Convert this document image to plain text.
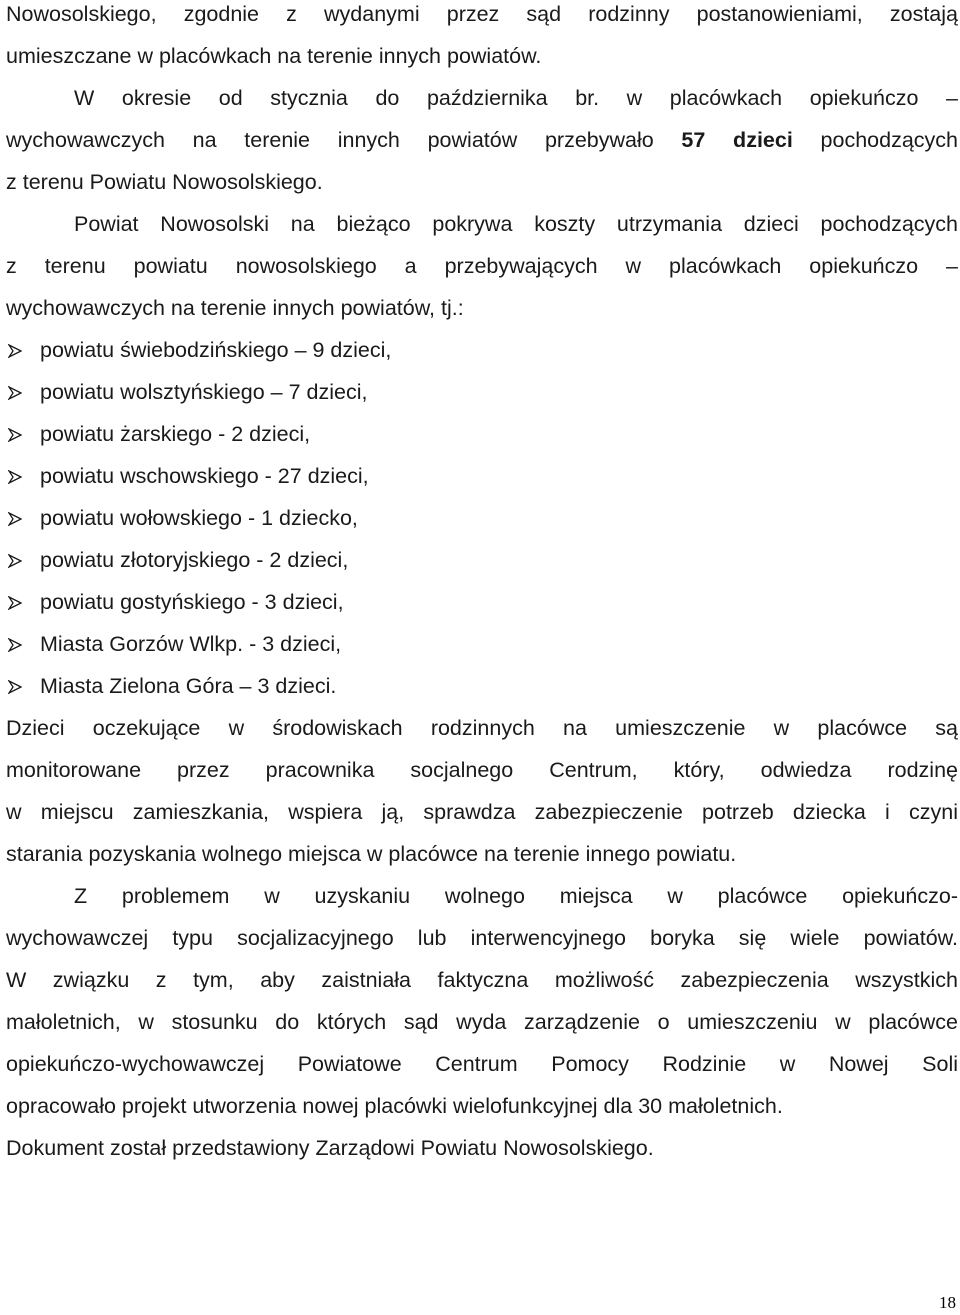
Nowosolskiego, zgodnie z wydanymi przez sąd rodzinny postanowieniami, zostają
umieszczane w placówkach na terenie innych powiatów.
W okresie od stycznia do października br. w placówkach opiekuńczo –
wychowawczych na terenie innych powiatów przebywało 57 dzieci pochodzących
z terenu Powiatu Nowosolskiego.
Powiat Nowosolski na bieżąco pokrywa koszty utrzymania dzieci pochodzących
z terenu powiatu nowosolskiego a przebywających w placówkach opiekuńczo –
wychowawczych na terenie innych powiatów, tj.:
powiatu świebodzińskiego – 9 dzieci,
powiatu wolsztyńskiego – 7 dzieci,
powiatu żarskiego - 2 dzieci,
powiatu wschowskiego - 27 dzieci,
powiatu wołowskiego - 1 dziecko,
powiatu złotoryjskiego - 2 dzieci,
powiatu gostyńskiego - 3 dzieci,
Miasta Gorzów Wlkp. - 3 dzieci,
Miasta Zielona Góra – 3 dzieci.
Dzieci oczekujące w środowiskach rodzinnych na umieszczenie w placówce są
monitorowane przez pracownika socjalnego Centrum, który, odwiedza rodzinę
w miejscu zamieszkania, wspiera ją, sprawdza zabezpieczenie potrzeb dziecka i czyni
starania pozyskania wolnego miejsca w placówce na terenie innego powiatu.
Z problemem w uzyskaniu wolnego miejsca w placówce opiekuńczo-
wychowawczej typu socjalizacyjnego lub interwencyjnego boryka się wiele powiatów.
W związku z tym, aby zaistniała faktyczna możliwość zabezpieczenia wszystkich
małoletnich, w stosunku do których sąd wyda zarządzenie o umieszczeniu w placówce
opiekuńczo-wychowawczej Powiatowe Centrum Pomocy Rodzinie w Nowej Soli
opracowało projekt utworzenia nowej placówki wielofunkcyjnej dla 30 małoletnich.
Dokument został przedstawiony Zarządowi Powiatu Nowosolskiego.
18
